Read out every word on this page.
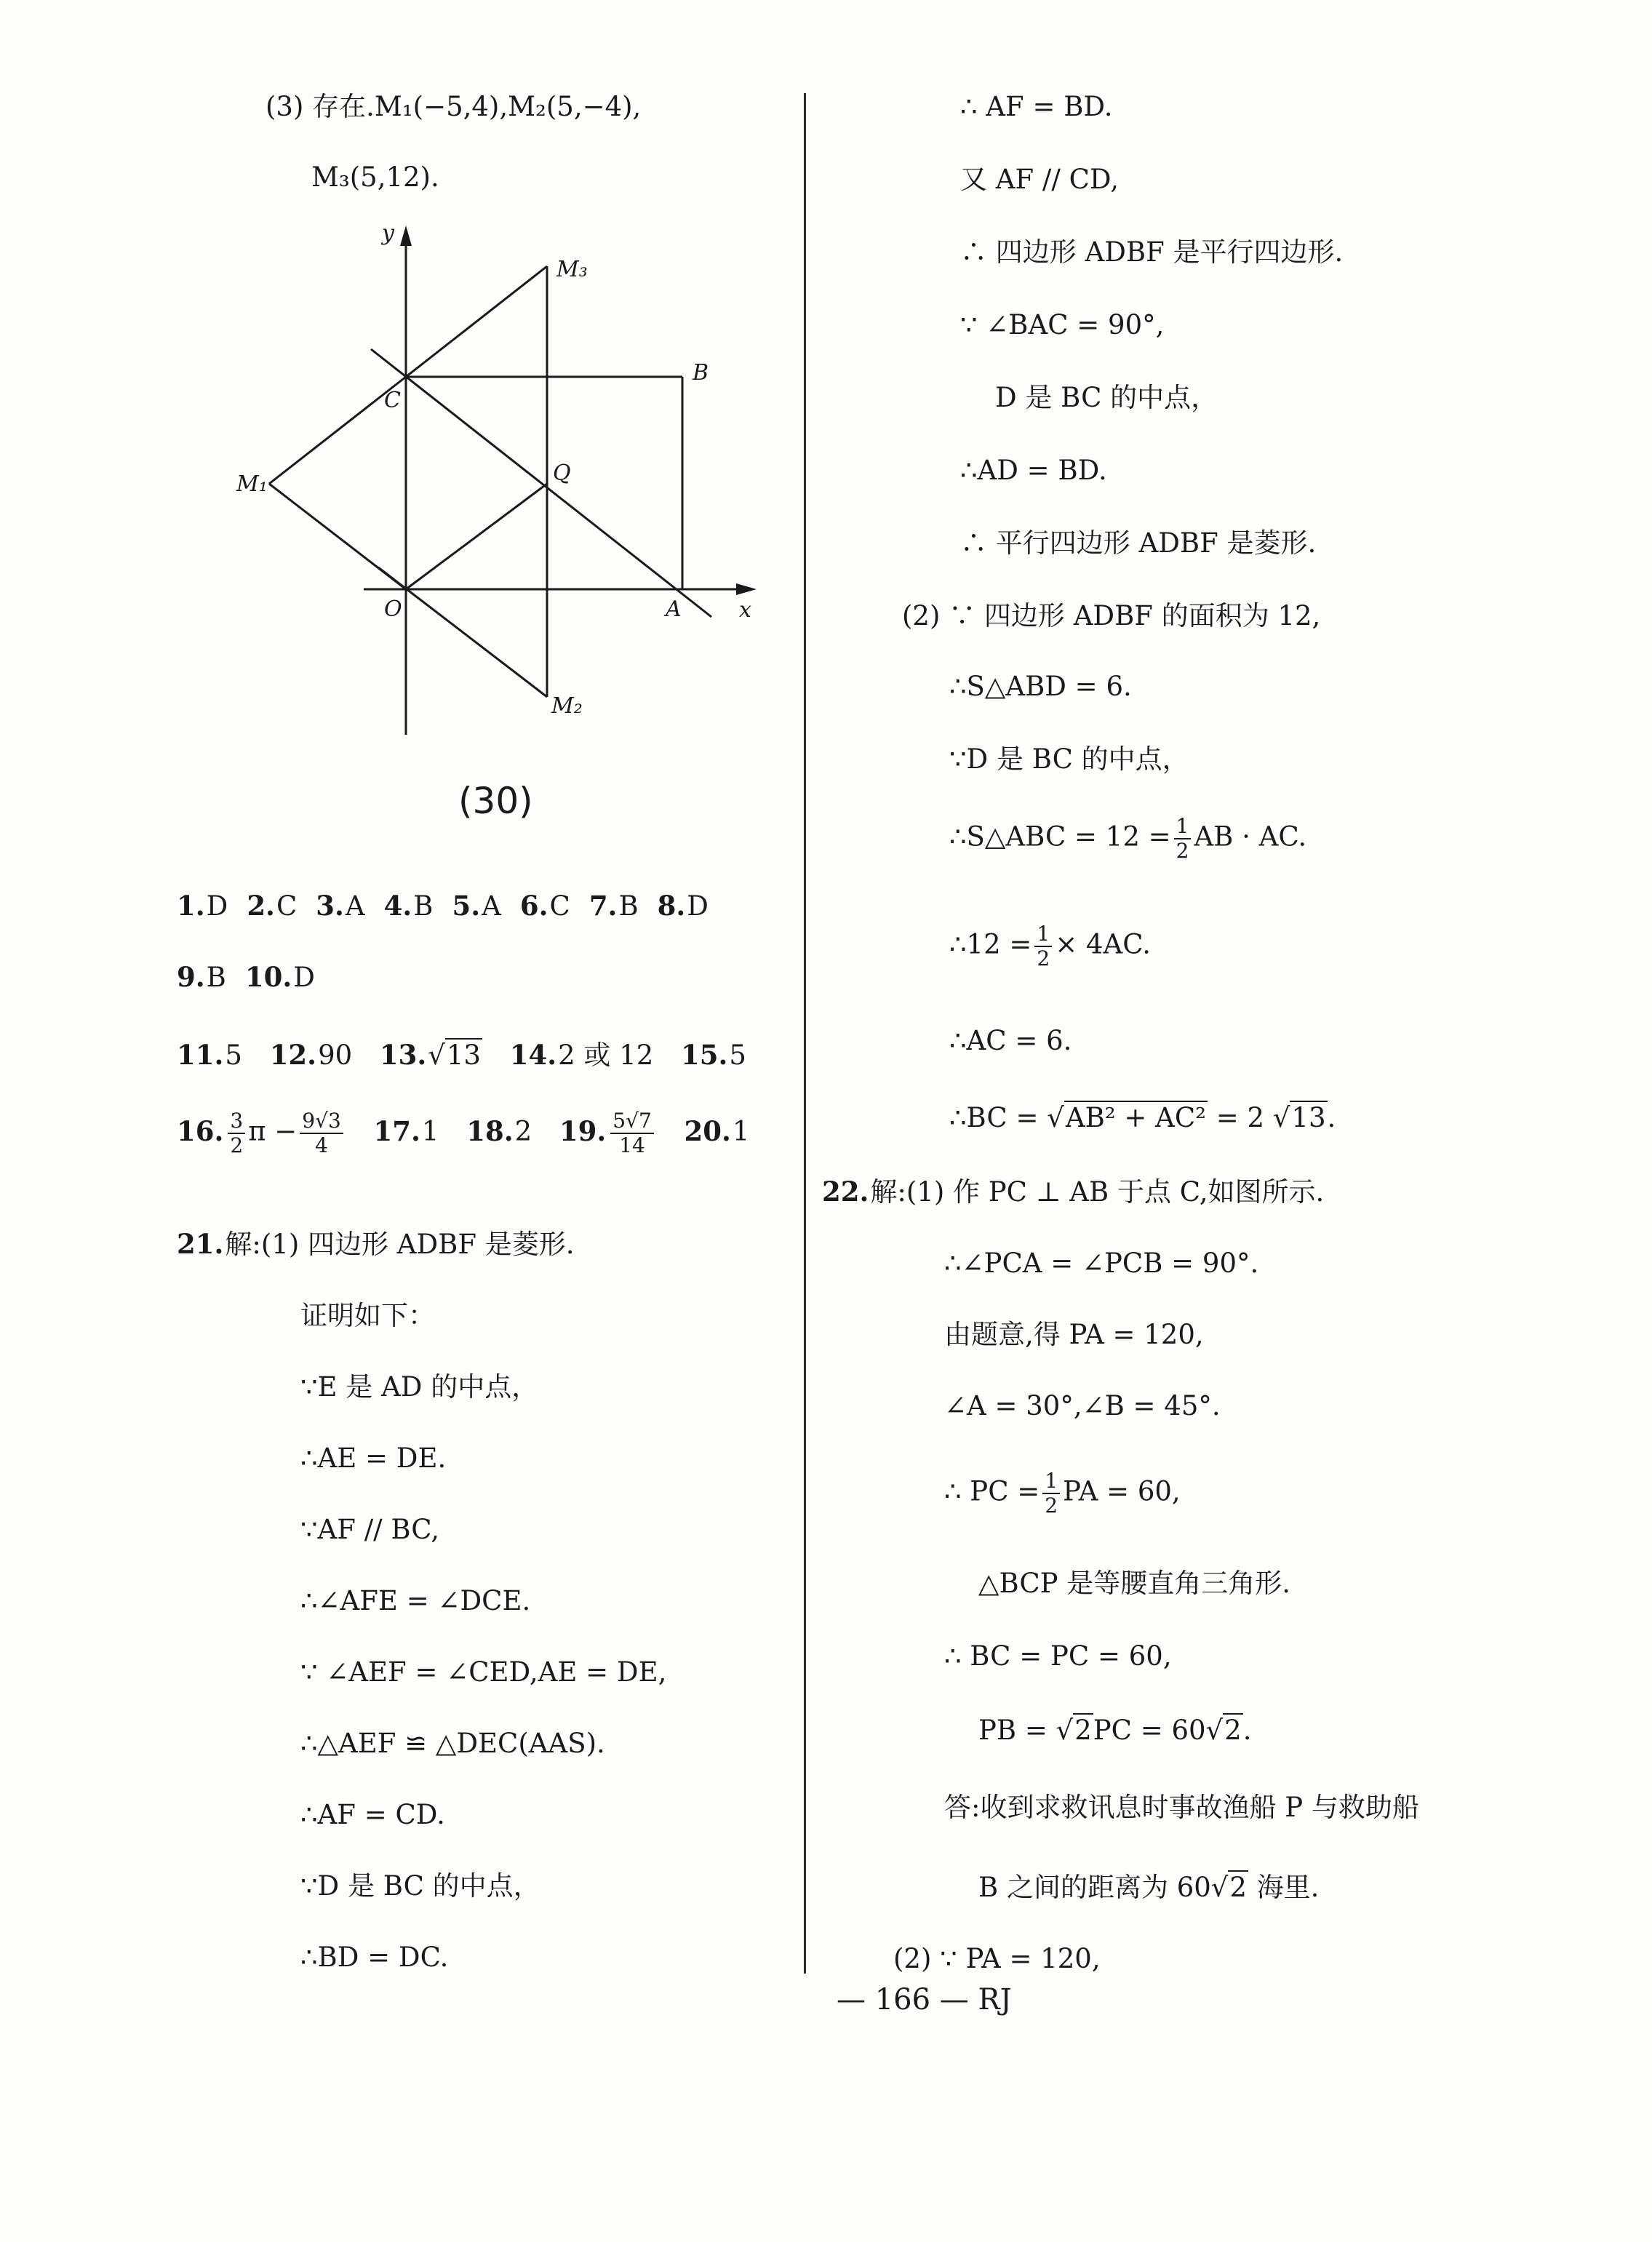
(3) 存在.M₁(−5,4),M₂(5,−4),
M₃(5,12).
y
x
O	A
B
C
Q
M₁
M₂
M₃
(30)
1.D 2.C 3.A 4.B 5.A 6.C 7.B 8.D
9.B 10.D
11.5 12.90 13.√13 14.2 或 12 15.5
16. $\frac{3}{2}$ $\pi - \frac{9√3}{4} 17.1$ 18.2 19. $\frac{5√7}{14} 20.1$
21.解:(1) 四边形 ADBF 是菱形.
证明如下：
∵E 是 AD 的中点，
∴AE = DE.
∵AF // BC,
∴∠AFE = ∠DCE.
∵ ∠AEF = ∠CED,AE = DE,
∴△AEF ≌ △DEC(AAS).
∴AF = CD.
∵D 是 BC 的中点，
∴BD = DC.
∴ AF = BD.
又 AF // CD,
∴ 四边形 ADBF 是平行四边形.
∵ ∠BAC = 90°,
D 是 BC 的中点，
∴AD = BD.
∴ 平行四边形 ADBF 是菱形.
(2) ∵ 四边形 ADBF 的面积为 12,
∴S△ABD = 6.
∵D 是 BC 的中点，
∴S△ABC = $12 = \frac{1}{2}$ AB · AC.
∴12 = $\frac{1}{2} \times 4AC$.
∴AC = 6.
∴BC = √AB² + AC² = 2 √13.
22.解:(1) 作 PC ⊥ AB 于点 C,如图所示.
∴∠PCA = ∠PCB = 90°.
由题意,得 PA = 120,
∠A = 30°,∠B = 45°.
∴ PC = $\frac{1}{2}$ PA = 60,
△BCP 是等腰直角三角形.
∴ BC = PC = 60,
PB = √2PC = 60√2.
答:收到求救讯息时事故渔船 P 与救助船
B 之间的距离为 60√2 海里.
(2) ∵ PA = 120,
— 166 — RJ
